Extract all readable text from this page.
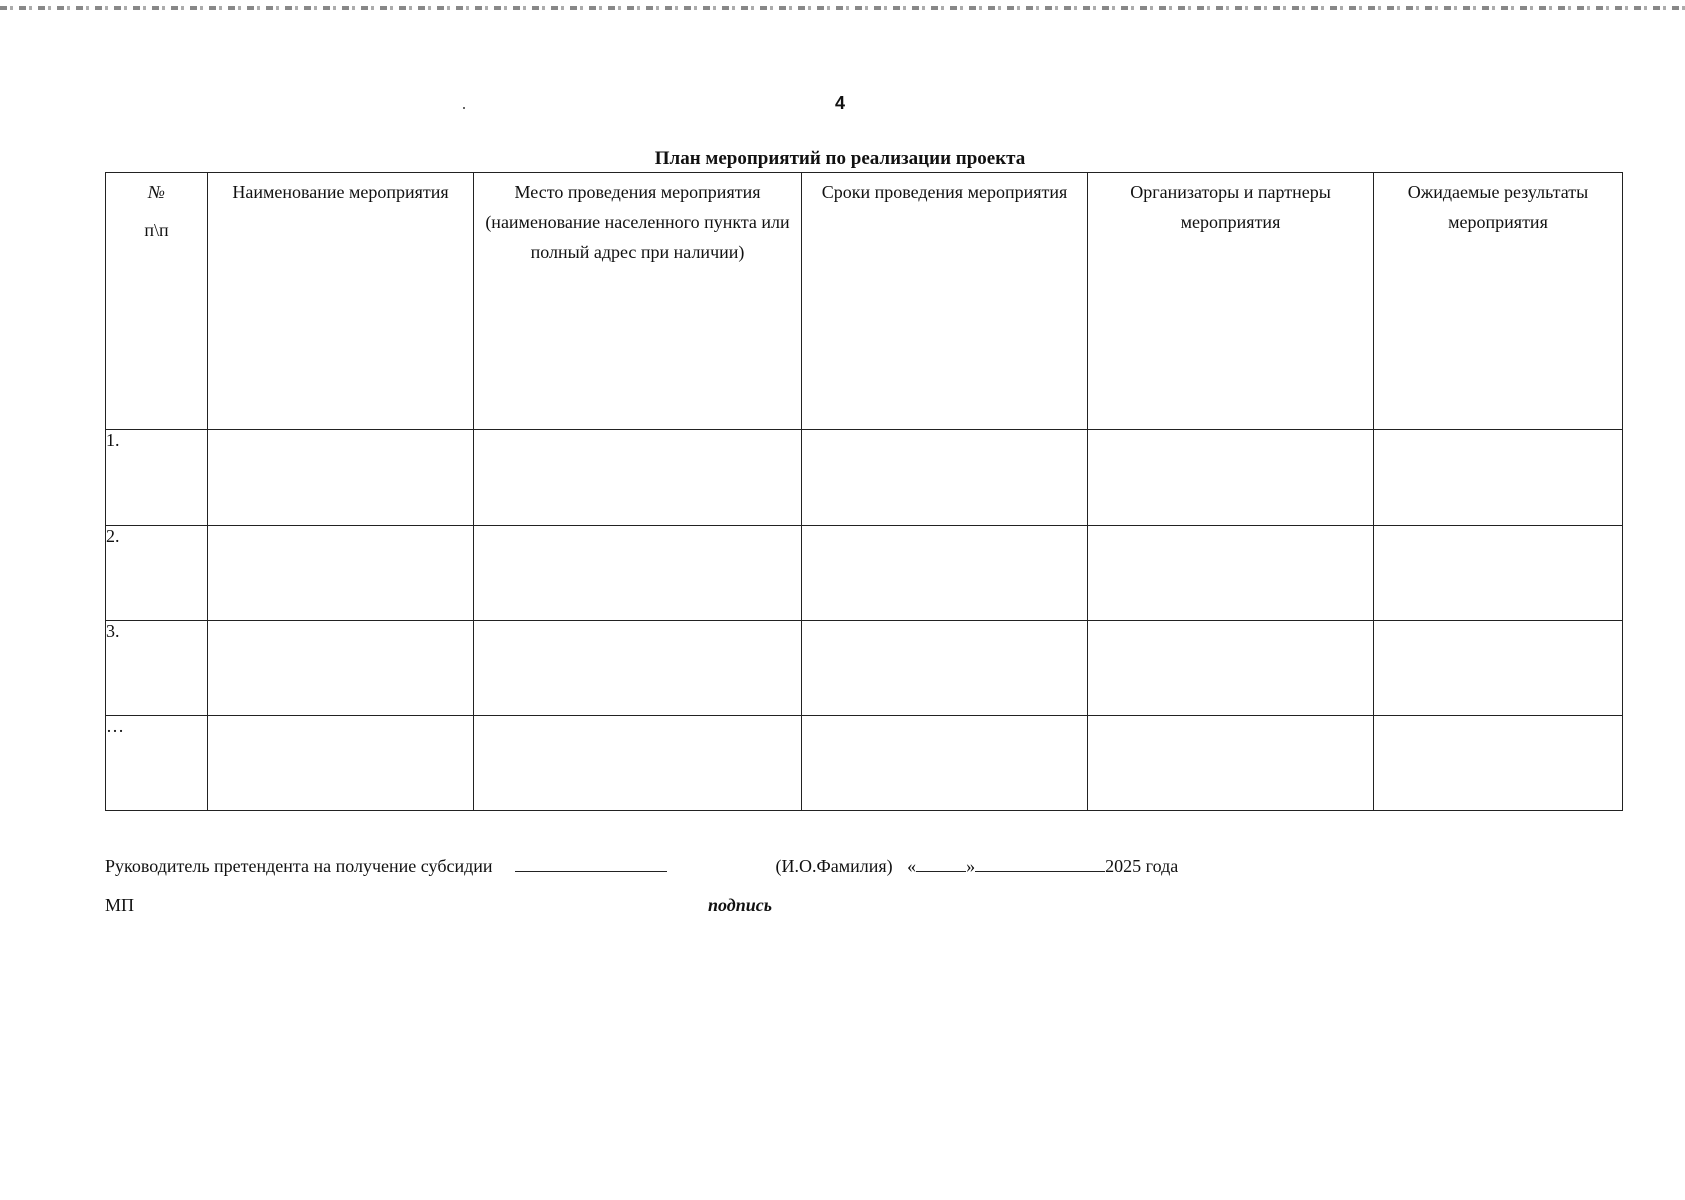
4
План мероприятий по реализации проекта
№
п\п	Наименование мероприятия	Место проведения мероприятия (наименование населенного пункта или полный адрес при наличии)	Сроки проведения мероприятия	Организаторы и партнеры мероприятия	Ожидаемые результаты мероприятия
1.					
2.					
3.					
…					
Руководитель претендента на получение субсидии	(И.О.Фамилия) «	»	2025 года
МП	подпись
